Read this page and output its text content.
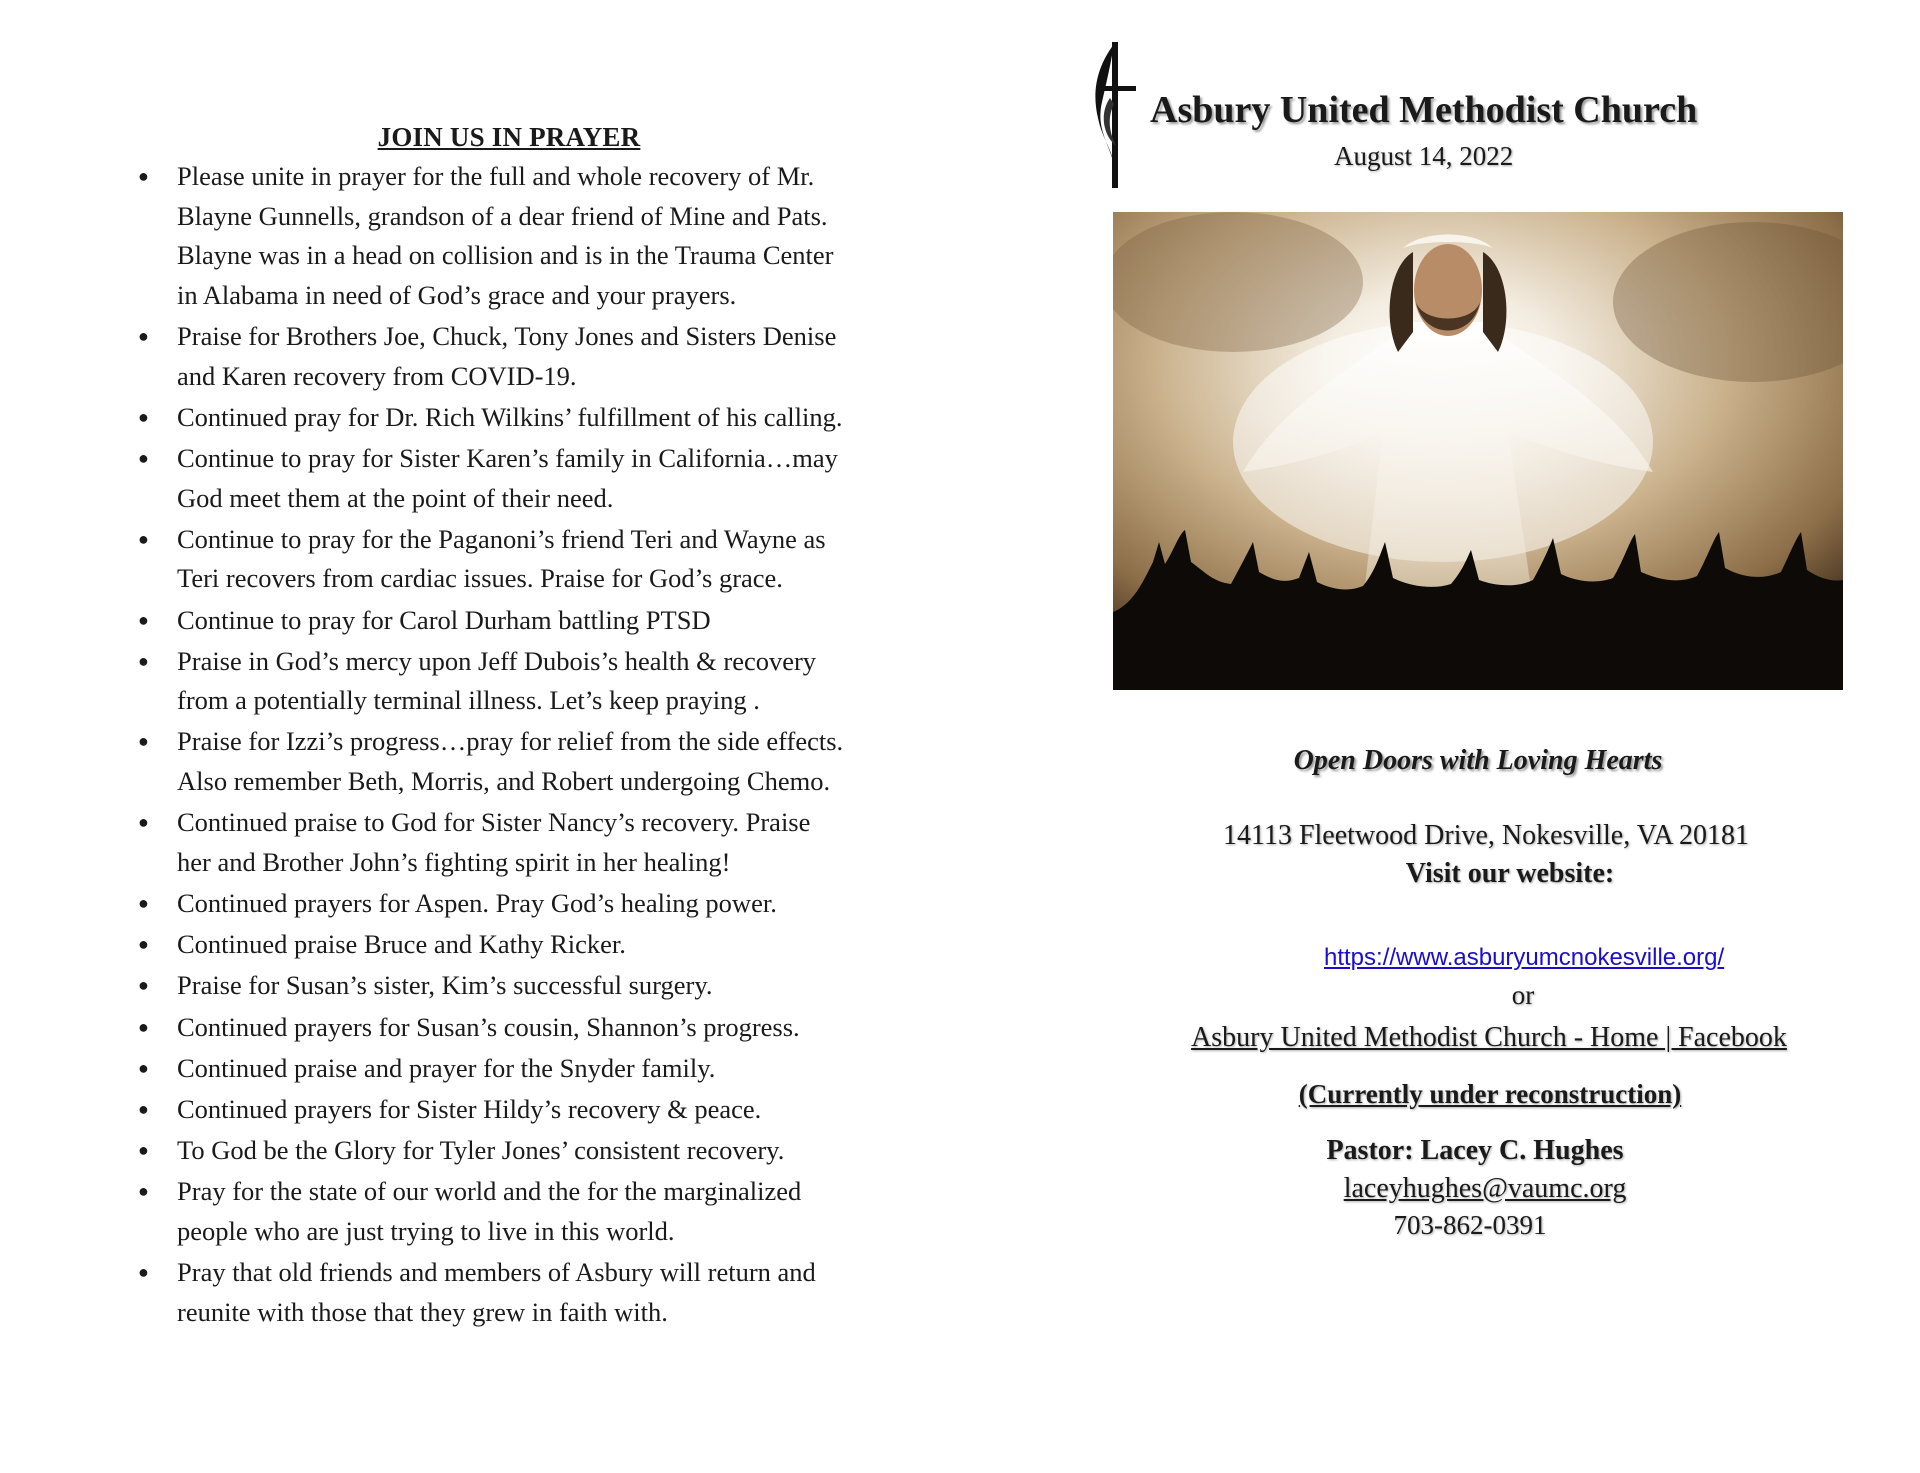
JOIN US IN PRAYER
● Please unite in prayer for the full and whole recovery of Mr.
Blayne Gunnells, grandson of a dear friend of Mine and Pats.
Blayne was in a head on collision and is in the Trauma Center
in Alabama in need of God’s grace and your prayers.
● Praise for Brothers Joe, Chuck, Tony Jones and Sisters Denise
and Karen recovery from COVID-19.
● Continued pray for Dr. Rich Wilkins’ fulfillment of his calling.
● Continue to pray for Sister Karen’s family in California…may
God meet them at the point of their need.
● Continue to pray for the Paganoni’s friend Teri and Wayne as
Teri recovers from cardiac issues. Praise for God’s grace.
● Continue to pray for Carol Durham battling PTSD
● Praise in God’s mercy upon Jeff Dubois’s health & recovery
from a potentially terminal illness. Let’s keep praying .
● Praise for Izzi’s progress…pray for relief from the side effects.
Also remember Beth, Morris, and Robert undergoing Chemo.
● Continued praise to God for Sister Nancy’s recovery. Praise
her and Brother John’s fighting spirit in her healing!
● Continued prayers for Aspen. Pray God’s healing power.
● Continued praise Bruce and Kathy Ricker.
● Praise for Susan’s sister, Kim’s successful surgery.
● Continued prayers for Susan’s cousin, Shannon’s progress.
● Continued praise and prayer for the Snyder family.
● Continued prayers for Sister Hildy’s recovery & peace.
● To God be the Glory for Tyler Jones’ consistent recovery.
● Pray for the state of our world and the for the marginalized
people who are just trying to live in this world.
● Pray that old friends and members of Asbury will return and
reunite with those that they grew in faith with.
Asbury United Methodist Church
August 14, 2022
Open Doors with Loving Hearts
14113 Fleetwood Drive, Nokesville, VA 20181
Visit our website:
https://www.asburyumcnokesville.org/
or
Asbury United Methodist Church - Home | Facebook
(Currently under reconstruction)
Pastor: Lacey C. Hughes
laceyhughes@vaumc.org
703-862-0391
